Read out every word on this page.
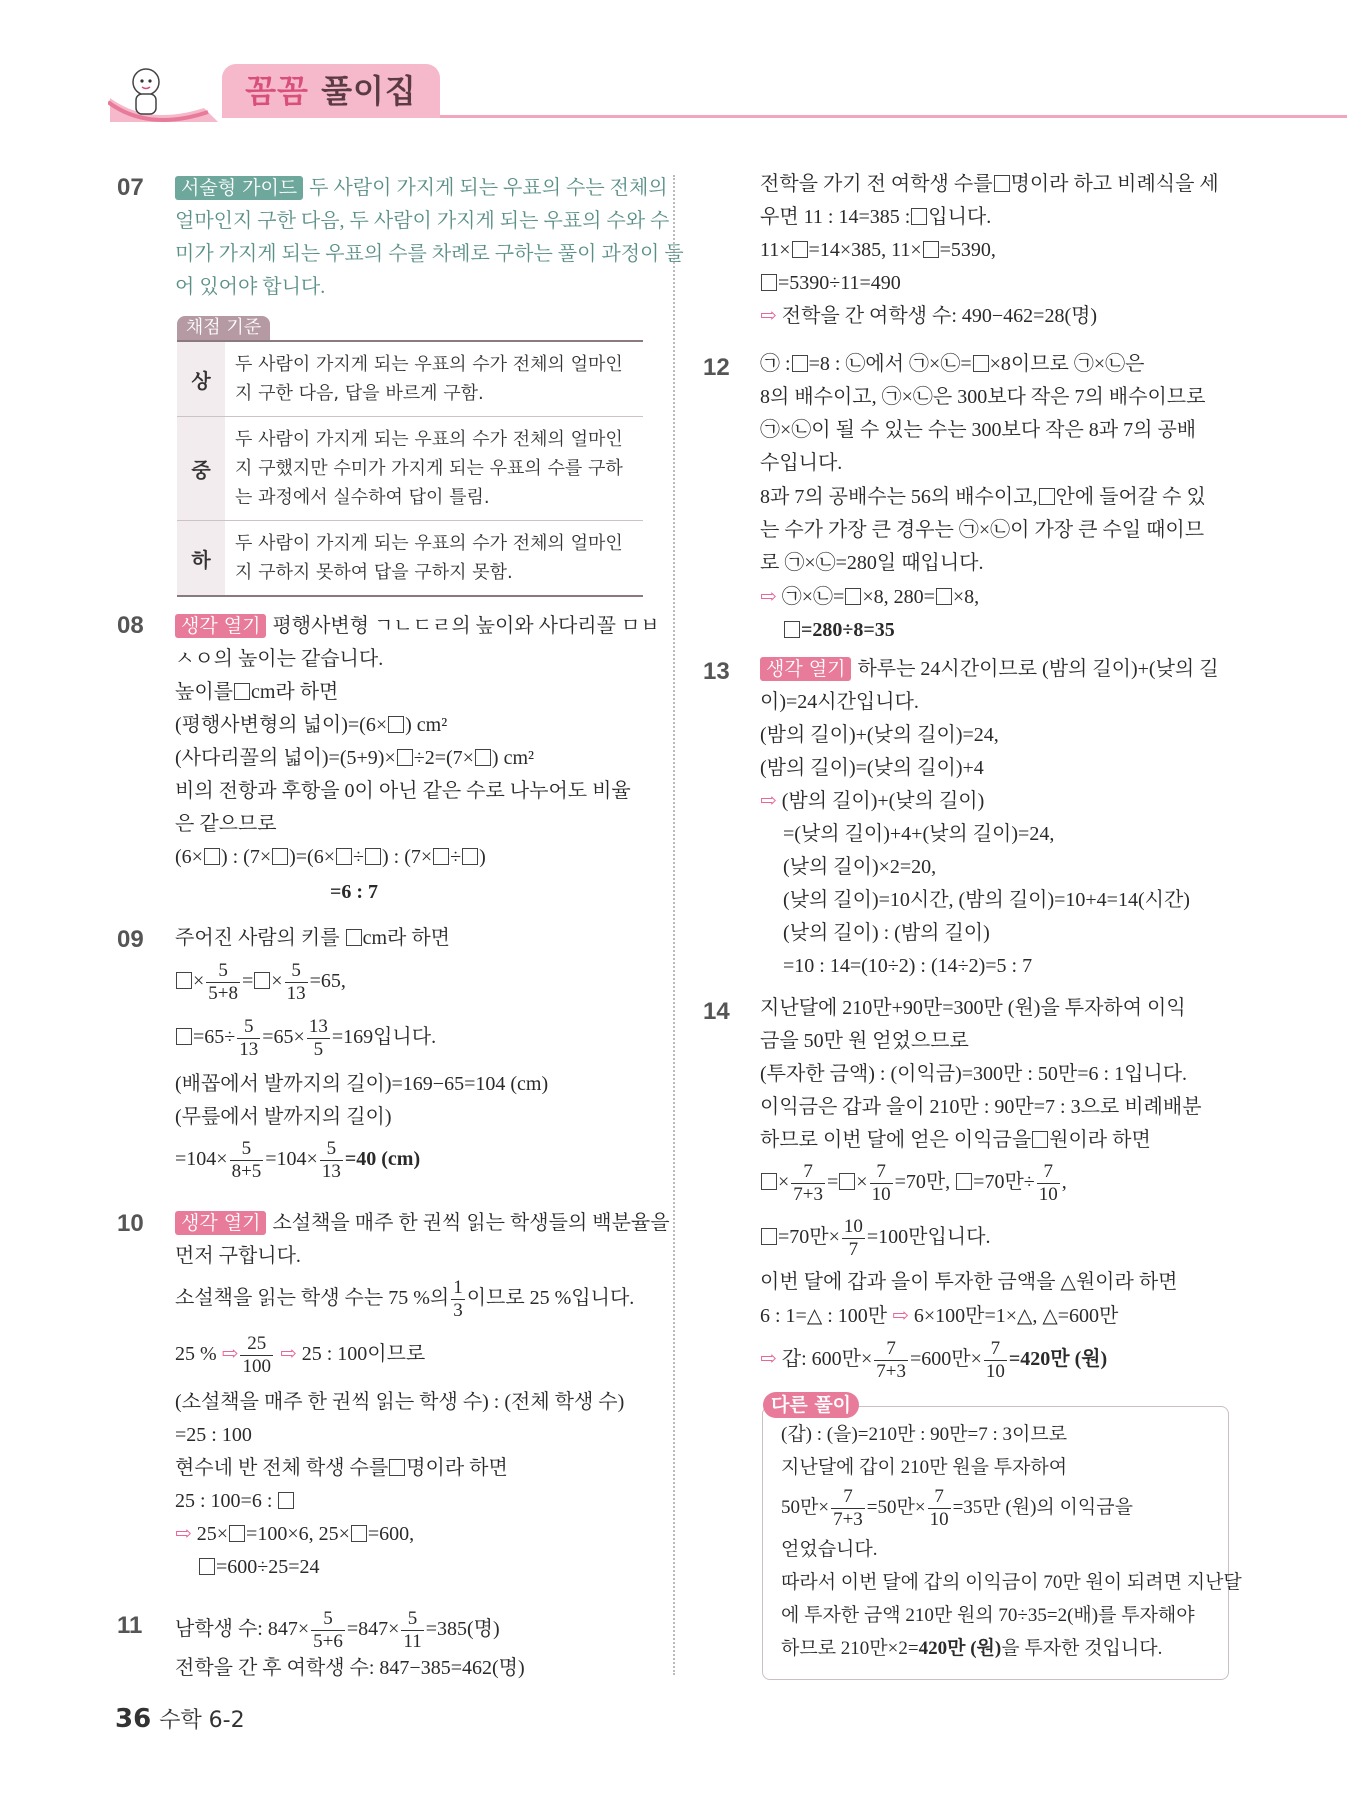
꼼꼼 풀이집
07	서술형 가이드 두 사람이 가지게 되는 우표의 수는 전체의
얼마인지 구한 다음, 두 사람이 가지게 되는 우표의 수와 수
미가 가지게 되는 우표의 수를 차례로 구하는 풀이 과정이 들
어 있어야 합니다.
채점 기준
상
두 사람이 가지게 되는 우표의 수가 전체의 얼마인지 구한 다음, 답을 바르게 구함.
중
두 사람이 가지게 되는 우표의 수가 전체의 얼마인지 구했지만 수미가 가지게 되는 우표의 수를 구하는 과정에서 실수하여 답이 틀림.
하
두 사람이 가지게 되는 우표의 수가 전체의 얼마인지 구하지 못하여 답을 구하지 못함.
08	생각 열기 평행사변형 ㄱㄴㄷㄹ의 높이와 사다리꼴 ㅁㅂ
ㅅㅇ의 높이는 같습니다.
높이를 cm라 하면
(평행사변형의 넓이)=(6× ) cm²
(사다리꼴의 넓이)=(5+9)× ÷2=(7× ) cm²
비의 전항과 후항을 0이 아닌 같은 수로 나누어도 비율
은 같으므로
(6× ) : (7× )=(6× ÷ ) : (7× ÷ )
=6 : 7
09 주어진 사람의 키를 cm라 하면
× $\frac{5}{5+8}$ = × $\frac{5}{13} =65$,
$=65\div \frac{5}{13} =65\times \frac{13}{5} =169$입니다.
(배꼽에서 발까지의 길이)=169−65=104 (cm)
(무릎에서 발까지의 길이)
$=104\times \frac{5}{8+5} =104\times \frac{5}{13} =40$ (cm)
10	생각 열기 소설책을 매주 한 권씩 읽는 학생들의 백분율을
먼저 구합니다.
소설책을 읽는 학생 수는 75 %의 $\frac{1}{3}$ 이므로 25 %입니다.
25 % ⇨ $\frac{25}{100}$ ⇨ 25 : 100이므로
(소설책을 매주 한 권씩 읽는 학생 수) : (전체 학생 수)
=25 : 100
현수네 반 전체 학생 수를 명이라 하면
25 : 100=6 :
⇨ 25× =100×6, 25× =600,
=600÷25=24
11 남학생 수: $847\times \frac{5}{5+6} =847\times \frac{5}{11} =385$(명)
전학을 간 후 여학생 수: 847−385=462(명)
전학을 가기 전 여학생 수를 명이라 하고 비례식을 세
우면 11 : 14=385 : 입니다.
11× =14×385, 11× =5390,
=5390÷11=490
⇨ 전학을 간 여학생 수: 490−462=28(명)
12 ㉠ : =8 : ㉡에서 ㉠×㉡= ×8이므로 ㉠×㉡은
8의 배수이고, ㉠×㉡은 300보다 작은 7의 배수이므로
㉠×㉡이 될 수 있는 수는 300보다 작은 8과 7의 공배
수입니다.
8과 7의 공배수는 56의 배수이고, 안에 들어갈 수 있
는 수가 가장 큰 경우는 ㉠×㉡이 가장 큰 수일 때이므
로 ㉠×㉡=280일 때입니다.
⇨ ㉠×㉡= ×8, 280= ×8,
=280÷8=35
13	생각 열기 하루는 24시간이므로 (밤의 길이)+(낮의 길
이)=24시간입니다.
(밤의 길이)+(낮의 길이)=24,
(밤의 길이)=(낮의 길이)+4
⇨ (밤의 길이)+(낮의 길이)
=(낮의 길이)+4+(낮의 길이)=24,
(낮의 길이)×2=20,
(낮의 길이)=10시간, (밤의 길이)=10+4=14(시간)
(낮의 길이) : (밤의 길이)
=10 : 14=(10÷2) : (14÷2)=5 : 7
14 지난달에 210만+90만=300만 (원)을 투자하여 이익
금을 50만 원 얻었으므로
(투자한 금액) : (이익금)=300만 : 50만=6 : 1입니다.
이익금은 갑과 을이 210만 : 90만=7 : 3으로 비례배분
하므로 이번 달에 얻은 이익금을 원이라 하면
× $\frac{7}{7+3}$ = × $\frac{7}{10} =70$만, =70만÷ $\frac{7}{10}$ ,
=70만× $\frac{10}{7} =100$만입니다.
이번 달에 갑과 을이 투자한 금액을 △원이라 하면
6 : 1=△ : 100만 ⇨ 6×100만=1×△, △=600만
⇨ 갑: 600만× $\frac{7}{7+3} =600$만× $\frac{7}{10} =420$만 (원)
다른 풀이
(갑) : (을)=210만 : 90만=7 : 3이므로
지난달에 갑이 210만 원을 투자하여
50만× $\frac{7}{7+3} =50$만× $\frac{7}{10} =35$만 (원)의 이익금을
얻었습니다.
따라서 이번 달에 갑의 이익금이 70만 원이 되려면 지난달
에 투자한 금액 210만 원의 70÷35=2(배)를 투자해야
하므로 210만×2=420만 (원)을 투자한 것입니다.
36 수학 6-2
